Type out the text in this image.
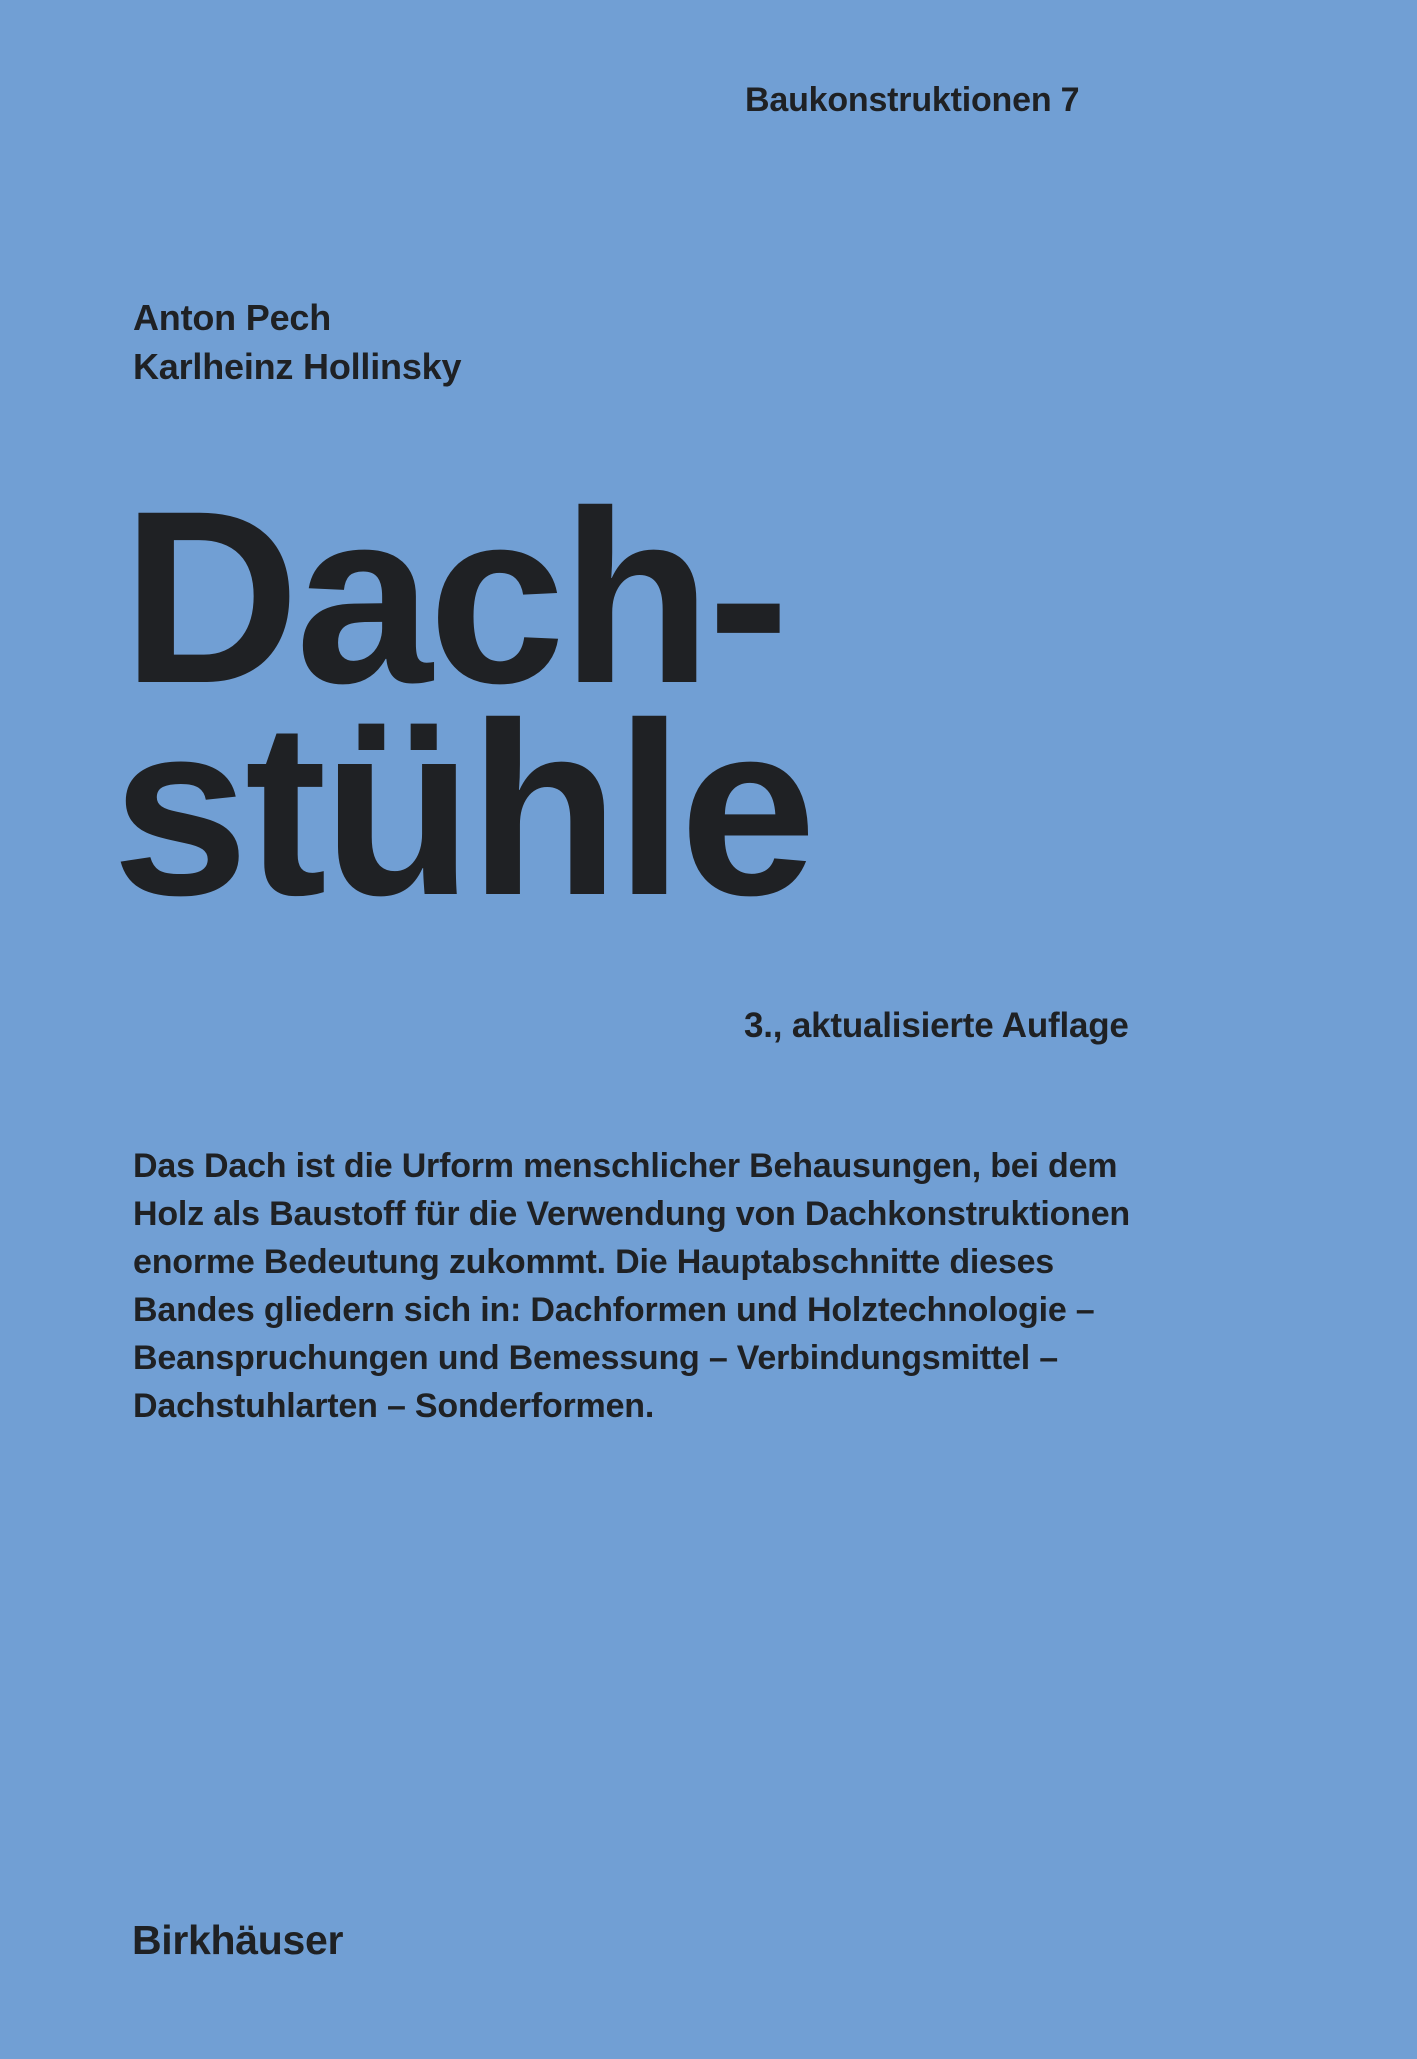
Baukonstruktionen 7
Anton Pech
Karlheinz Hollinsky
Dach-
stühle
3., aktualisierte Auflage
Das Dach ist die Urform menschlicher Behausungen, bei dem
Holz als Baustoff für die Verwendung von Dachkonstruktionen
enorme Bedeutung zukommt. Die Hauptabschnitte dieses
Bandes gliedern sich in: Dachformen und Holztechnologie –
Beanspruchungen und Bemessung – Verbindungsmittel –
Dachstuhlarten – Sonderformen.
Birkhäuser
